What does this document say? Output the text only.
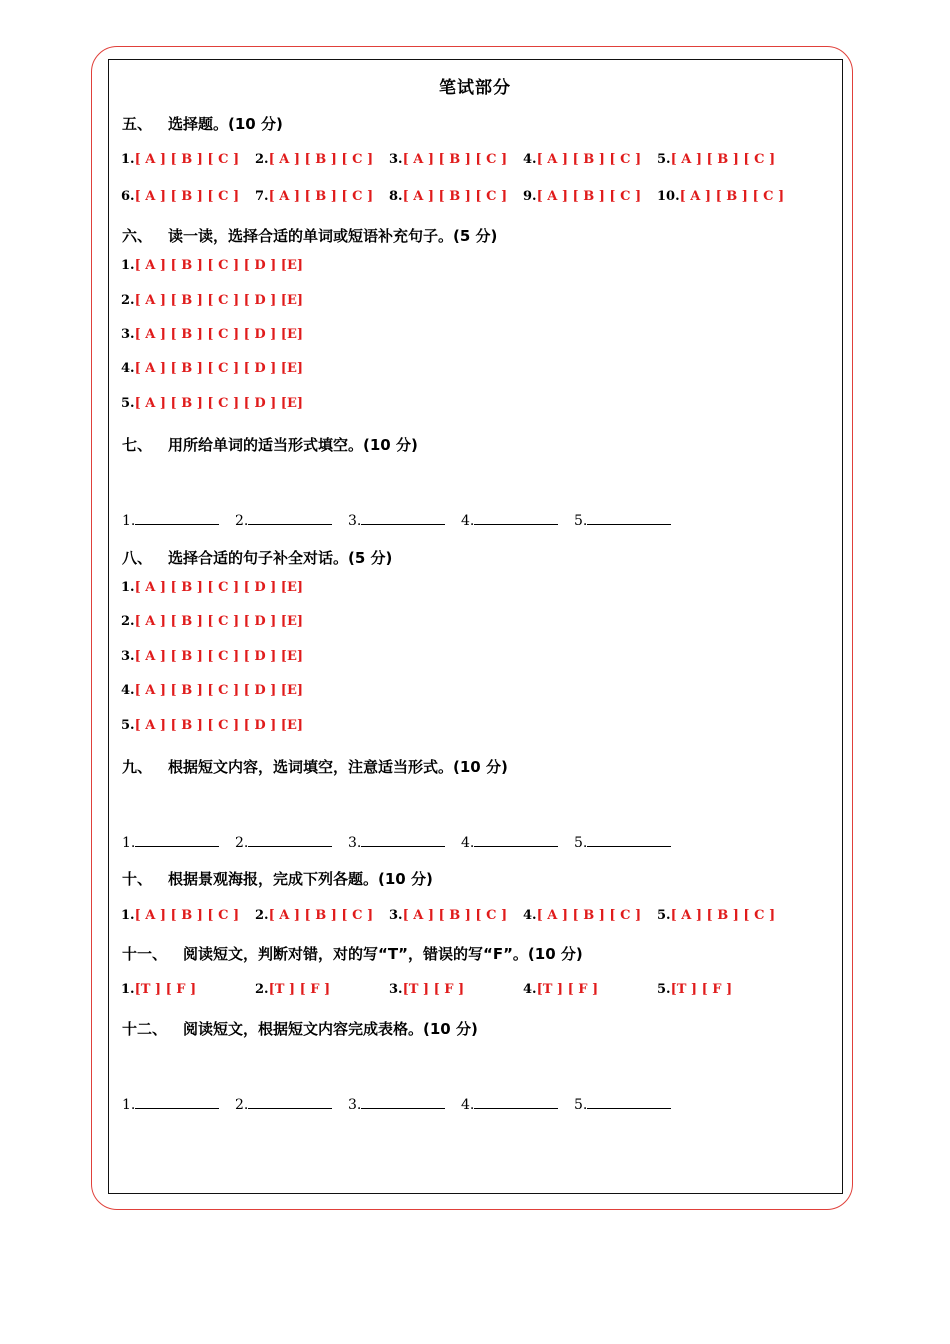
笔试部分
五、 选择题。(10 分)
1.[ A ] [ B ] [ C ] 2.[ A ] [ B ] [ C ] 3.[ A ] [ B ] [ C ] 4.[ A ] [ B ] [ C ] 5.[ A ] [ B ] [ C ]
6.[ A ] [ B ] [ C ] 7.[ A ] [ B ] [ C ] 8.[ A ] [ B ] [ C ] 9.[ A ] [ B ] [ C ] 10.[ A ] [ B ] [ C ]
六、 读一读，选择合适的单词或短语补充句子。(5 分)
1.[ A ] [ B ] [ C ] [ D ] [E]
2.[ A ] [ B ] [ C ] [ D ] [E]
3.[ A ] [ B ] [ C ] [ D ] [E]
4.[ A ] [ B ] [ C ] [ D ] [E]
5.[ A ] [ B ] [ C ] [ D ] [E]
七、 用所给单词的适当形式填空。(10 分)
1.	2.	3.	4.	5.
八、 选择合适的句子补全对话。(5 分)
1.[ A ] [ B ] [ C ] [ D ] [E]
2.[ A ] [ B ] [ C ] [ D ] [E]
3.[ A ] [ B ] [ C ] [ D ] [E]
4.[ A ] [ B ] [ C ] [ D ] [E]
5.[ A ] [ B ] [ C ] [ D ] [E]
九、 根据短文内容，选词填空，注意适当形式。(10 分)
1.	2.	3.	4.	5.
十、 根据景观海报，完成下列各题。(10 分)
1.[ A ] [ B ] [ C ] 2.[ A ] [ B ] [ C ] 3.[ A ] [ B ] [ C ] 4.[ A ] [ B ] [ C ] 5.[ A ] [ B ] [ C ]
十一、 阅读短文，判断对错，对的写“T”，错误的写“F”。(10 分)
1.[T ] [ F ]	2.[T ] [ F ]	3.[T ] [ F ]	4.[T ] [ F ]	5.[T ] [ F ]
十二、 阅读短文，根据短文内容完成表格。(10 分)
1.	2.	3.	4.	5.
